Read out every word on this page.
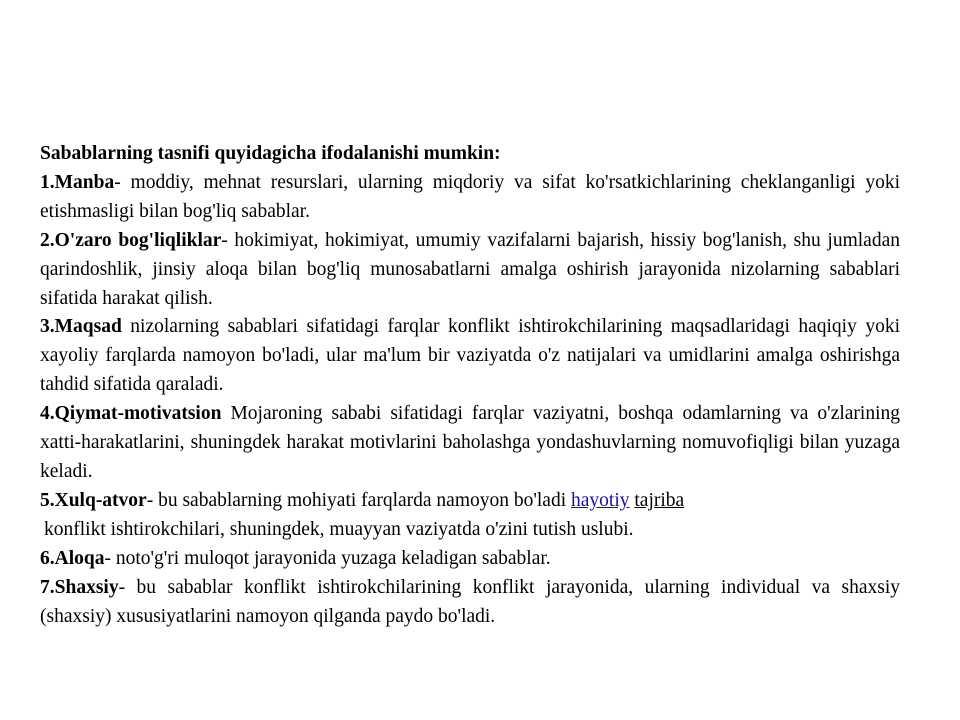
Sabablarning tasnifi quyidagicha ifodalanishi mumkin:

1.Manba- moddiy, mehnat resurslari, ularning miqdoriy va sifat ko'rsatkichlarining cheklanganligi yoki etishmasligi bilan bog'liq sabablar.

2.O'zaro bog'liqliklar- hokimiyat, hokimiyat, umumiy vazifalarni bajarish, hissiy bog'lanish, shu jumladan qarindoshlik, jinsiy aloqa bilan bog'liq munosabatlarni amalga oshirish jarayonida nizolarning sabablari sifatida harakat qilish.

3.Maqsad nizolarning sabablari sifatidagi farqlar konflikt ishtirokchilarining maqsadlaridagi haqiqiy yoki xayoliy farqlarda namoyon bo'ladi, ular ma'lum bir vaziyatda o'z natijalari va umidlarini amalga oshirishga tahdid sifatida qaraladi.

4.Qiymat-motivatsion Mojaroning sababi sifatidagi farqlar vaziyatni, boshqa odamlarning va o'zlarining xatti-harakatlarini, shuningdek harakat motivlarini baholashga yondashuvlarning nomuvofiqligi bilan yuzaga keladi.

5.Xulq-atvor- bu sabablarning mohiyati farqlarda namoyon bo'ladi hayotiy tajriba
konflikt ishtirokchilari, shuningdek, muayyan vaziyatda o'zini tutish uslubi.

6.Aloqa- noto'g'ri muloqot jarayonida yuzaga keladigan sabablar.

7.Shaxsiy- bu sabablar konflikt ishtirokchilarining konflikt jarayonida, ularning individual va shaxsiy (shaxsiy) xususiyatlarini namoyon qilganda paydo bo'ladi.
